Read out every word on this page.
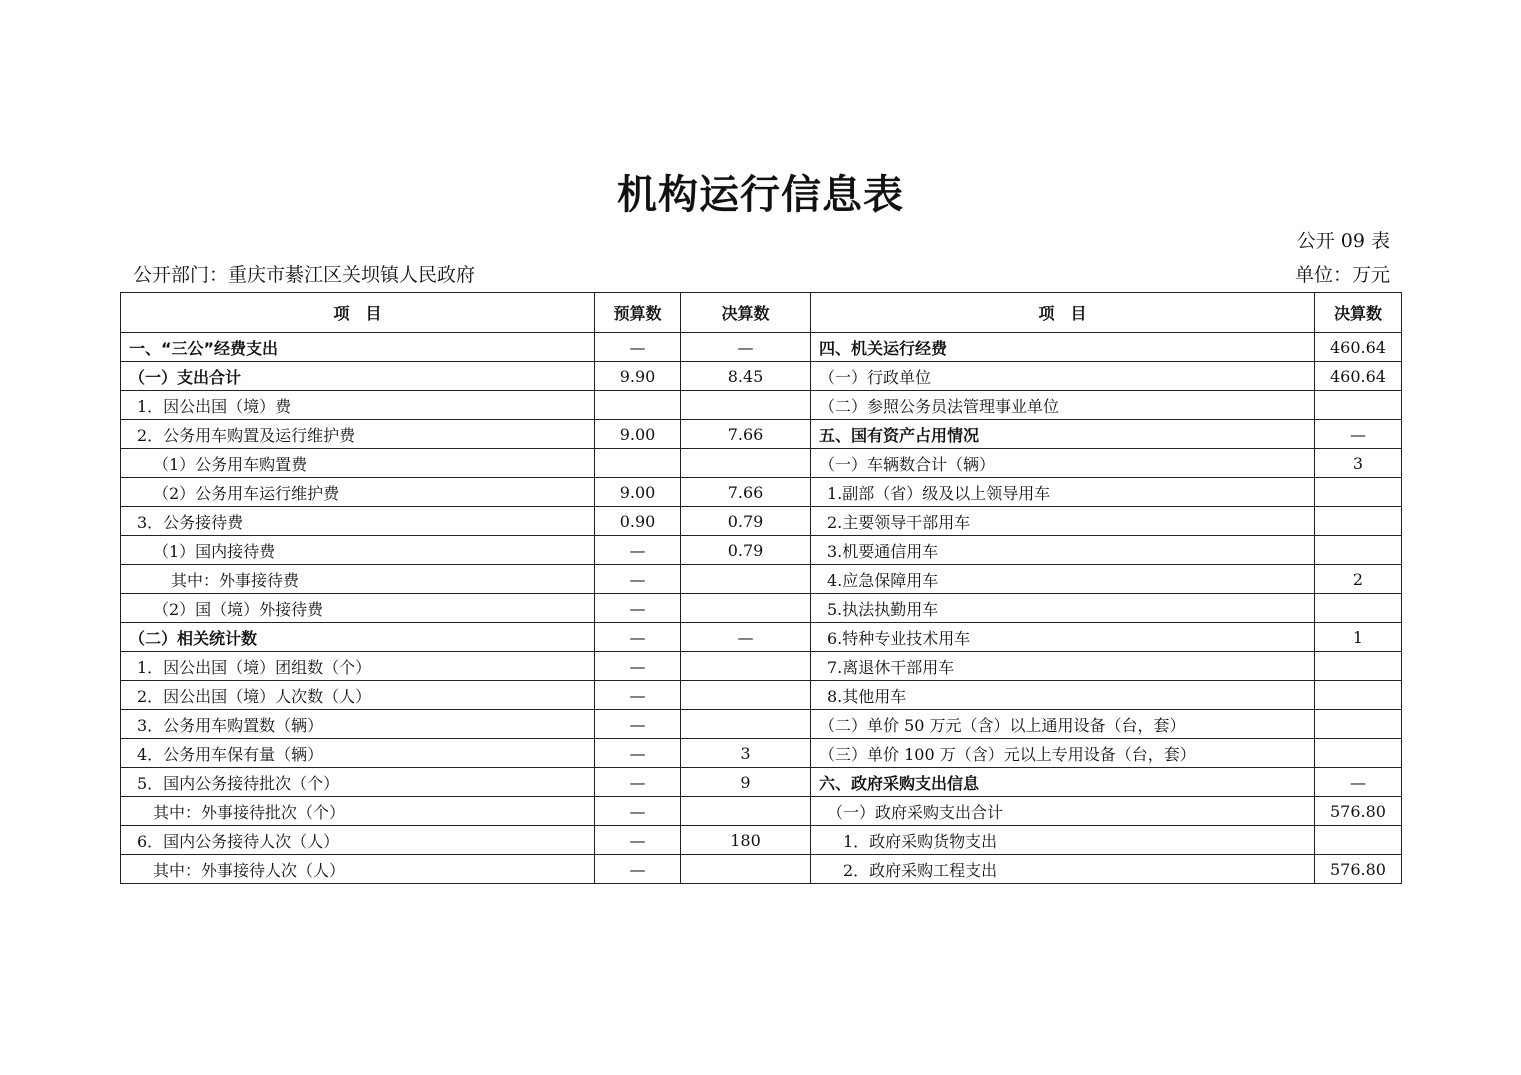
机构运行信息表
公开 09 表
公开部门：重庆市綦江区关坝镇人民政府	单位：万元
项　目	预算数	决算数	项　目	决算数
一、“三公”经费支出	—	—	四、机关运行经费	460.64
（一）支出合计	9.90	8.45	（一）行政单位	460.64
1．因公出国（境）费			（二）参照公务员法管理事业单位	
2．公务用车购置及运行维护费	9.00	7.66	五、国有资产占用情况	—
（1）公务用车购置费			（一）车辆数合计（辆）	3
（2）公务用车运行维护费	9.00	7.66	1.副部（省）级及以上领导用车	
3．公务接待费	0.90	0.79	2.主要领导干部用车	
（1）国内接待费	—	0.79	3.机要通信用车	
其中：外事接待费	—		4.应急保障用车	2
（2）国（境）外接待费	—		5.执法执勤用车	
（二）相关统计数	—	—	6.特种专业技术用车	1
1．因公出国（境）团组数（个）	—		7.离退休干部用车	
2．因公出国（境）人次数（人）	—		8.其他用车	
3．公务用车购置数（辆）	—		（二）单价 50 万元（含）以上通用设备（台，套）	
4．公务用车保有量（辆）	—	3	（三）单价 100 万（含）元以上专用设备（台，套）	
5．国内公务接待批次（个）	—	9	六、政府采购支出信息	—
其中：外事接待批次（个）	—		（一）政府采购支出合计	576.80
6．国内公务接待人次（人）	—	180	1．政府采购货物支出	
其中：外事接待人次（人）	—		2．政府采购工程支出	576.80
